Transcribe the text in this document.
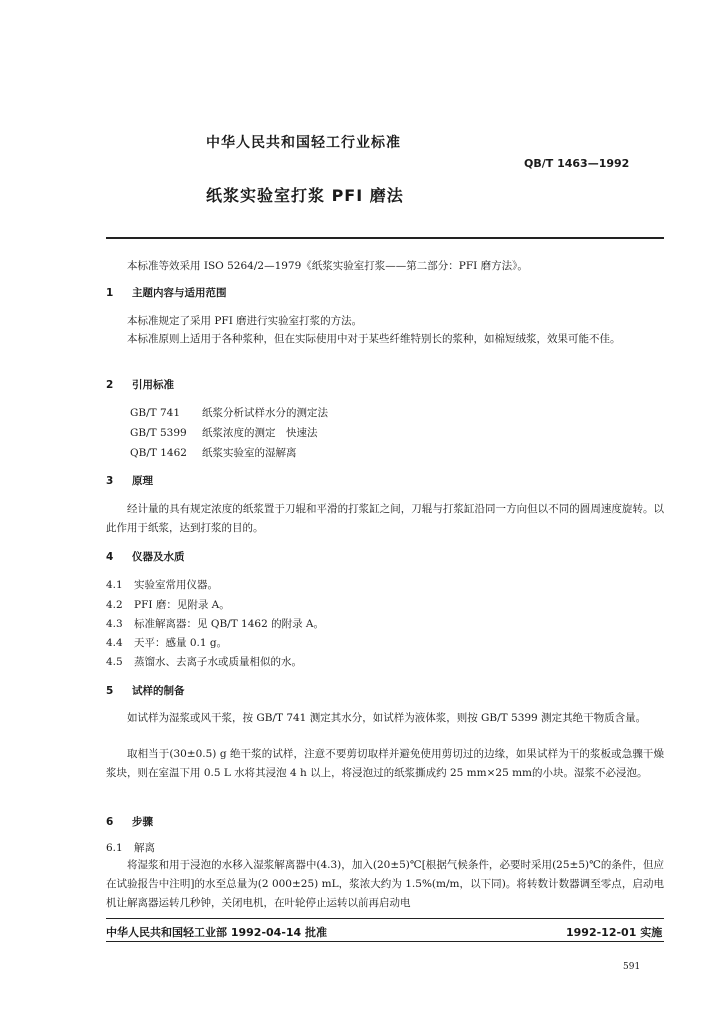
中华人民共和国轻工行业标准
QB/T 1463—1992
纸浆实验室打浆 PFI 磨法
本标准等效采用 ISO 5264/2—1979《纸浆实验室打浆——第二部分：PFI 磨方法》。
1 主题内容与适用范围
本标准规定了采用 PFI 磨进行实验室打浆的方法。
本标准原则上适用于各种浆种，但在实际使用中对于某些纤维特别长的浆种，如棉短绒浆，效果可能不佳。
2 引用标准
GB/T 741 纸浆分析试样水分的测定法
GB/T 5399 纸浆浓度的测定　快速法
QB/T 1462 纸浆实验室的湿解离
3 原理
经计量的具有规定浓度的纸浆置于刀辊和平滑的打浆缸之间，刀辊与打浆缸沿同一方向但以不同的圆周速度旋转。以此作用于纸浆，达到打浆的目的。
4 仪器及水质
4.1 实验室常用仪器。
4.2 PFI 磨：见附录 A。
4.3 标准解离器：见 QB/T 1462 的附录 A。
4.4 天平：感量 0.1 g。
4.5 蒸馏水、去离子水或质量相似的水。
5 试样的制备
如试样为湿浆或风干浆，按 GB/T 741 测定其水分，如试样为液体浆，则按 GB/T 5399 测定其绝干物质含量。
取相当于(30±0.5) g 绝干浆的试样，注意不要剪切取样并避免使用剪切过的边缘，如果试样为干的浆板或急骤干燥浆块，则在室温下用 0.5 L 水将其浸泡 4 h 以上，将浸泡过的纸浆撕成约 25 mm×25 mm的小块。湿浆不必浸泡。
6 步骤
6.1 解离
将湿浆和用于浸泡的水移入湿浆解离器中(4.3)，加入(20±5)℃[根据气候条件，必要时采用(25±5)℃的条件，但应在试验报告中注明]的水至总量为(2 000±25) mL，浆浓大约为 1.5%(m/m，以下同)。将转数计数器调至零点，启动电机让解离器运转几秒钟，关闭电机，在叶轮停止运转以前再启动电
中华人民共和国轻工业部 1992-04-14 批准	1992-12-01 实施
591
